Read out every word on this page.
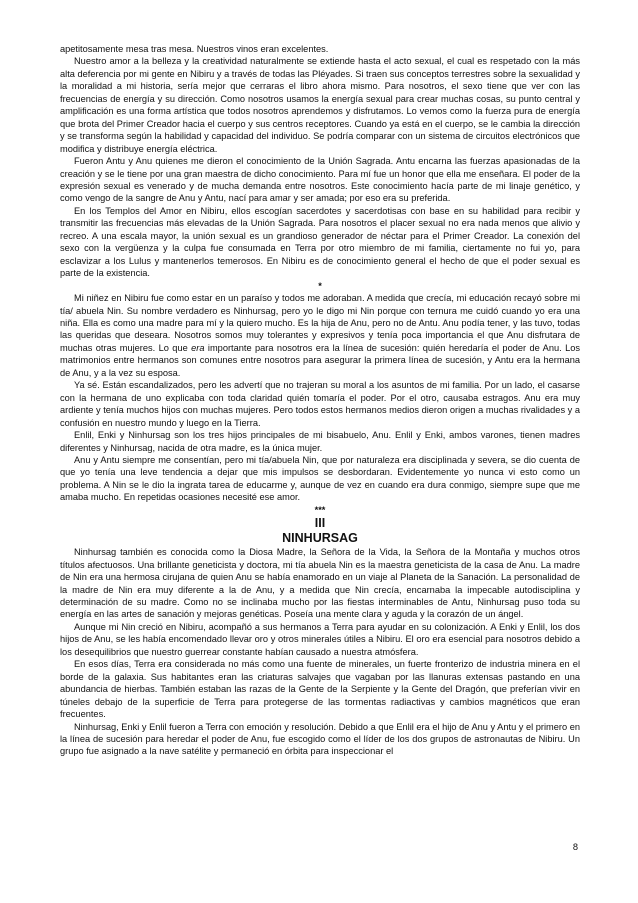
apetitosamente mesa tras mesa. Nuestros vinos eran excelentes.

Nuestro amor a la belleza y la creatividad naturalmente se extiende hasta el acto sexual, el cual es respetado con la más alta deferencia por mi gente en Nibiru y a través de todas las Pléyades. Si traen sus conceptos terrestres sobre la sexualidad y la moralidad a mi historia, sería mejor que cerraras el libro ahora mismo. Para nosotros, el sexo tiene que ver con las frecuencias de energía y su dirección. Como nosotros usamos la energía sexual para crear muchas cosas, su punto central y amplificación es una forma artística que todos nosotros aprendemos y disfrutamos. Lo vemos como la fuerza pura de energía que brota del Primer Creador hacia el cuerpo y sus centros receptores. Cuando ya está en el cuerpo, se le cambia la dirección y se transforma según la habilidad y capacidad del individuo. Se podría comparar con un sistema de circuitos electrónicos que modifica y distribuye energía eléctrica.

Fueron Antu y Anu quienes me dieron el conocimiento de la Unión Sagrada. Antu encarna las fuerzas apasionadas de la creación y se le tiene por una gran maestra de dicho conocimiento. Para mí fue un honor que ella me enseñara. El poder de la expresión sexual es venerado y de mucha demanda entre nosotros. Este conocimiento hacía parte de mi linaje genético, y como vengo de la sangre de Anu y Antu, nací para amar y ser amada; por eso era su preferida.

En los Templos del Amor en Nibiru, ellos escogían sacerdotes y sacerdotisas con base en su habilidad para recibir y transmitir las frecuencias más elevadas de la Unión Sagrada. Para nosotros el placer sexual no era nada menos que alivio y recreo. A una escala mayor, la unión sexual es un grandioso generador de néctar para el Primer Creador. La conexión del sexo con la vergüenza y la culpa fue consumada en Terra por otro miembro de mi familia, ciertamente no fui yo, para esclavizar a los Lulus y mantenerlos temerosos. En Nibiru es de conocimiento general el hecho de que el poder sexual es parte de la existencia.

*

Mi niñez en Nibiru fue como estar en un paraíso y todos me adoraban. A medida que crecía, mi educación recayó sobre mi tía/ abuela Nin. Su nombre verdadero es Ninhursag, pero yo le digo mi Nin porque con ternura me cuidó cuando yo era una niña. Ella es como una madre para mí y la quiero mucho. Es la hija de Anu, pero no de Antu. Anu podía tener, y las tuvo, todas las queridas que deseara. Nosotros somos muy tolerantes y expresivos y tenía poca importancia el que Anu disfrutara de muchas otras mujeres. Lo que era importante para nosotros era la línea de sucesión: quién heredaría el poder de Anu. Los matrimonios entre hermanos son comunes entre nosotros para asegurar la primera línea de sucesión, y Antu era la hermana de Anu, y a la vez su esposa.

Ya sé. Están escandalizados, pero les advertí que no trajeran su moral a los asuntos de mi familia. Por un lado, el casarse con la hermana de uno explicaba con toda claridad quién tomaría el poder. Por el otro, causaba estragos. Anu era muy ardiente y tenía muchos hijos con muchas mujeres. Pero todos estos hermanos medios dieron origen a muchas rivalidades y a confusión en nuestro mundo y luego en la Tierra.

Enlil, Enki y Ninhursag son los tres hijos principales de mi bisabuelo, Anu. Enlil y Enki, ambos varones, tienen madres diferentes y Ninhursag, nacida de otra madre, es la única mujer.

Anu y Antu siempre me consentían, pero mi tía/abuela Nin, que por naturaleza era disciplinada y severa, se dio cuenta de que yo tenía una leve tendencia a dejar que mis impulsos se desbordaran. Evidentemente yo nunca vi esto como un problema. A Nin se le dio la ingrata tarea de educarme y, aunque de vez en cuando era dura conmigo, siempre supe que me amaba mucho. En repetidas ocasiones necesité ese amor.

***

III

NINHURSAG

Ninhursag también es conocida como la Diosa Madre, la Señora de la Vida, la Señora de la Montaña y muchos otros títulos afectuosos. Una brillante geneticista y doctora, mi tía abuela Nin es la maestra geneticista de la casa de Anu. La madre de Nin era una hermosa cirujana de quien Anu se había enamorado en un viaje al Planeta de la Sanación. La personalidad de la madre de Nin era muy diferente a la de Anu, y a medida que Nin crecía, encarnaba la impecable autodisciplina y determinación de su madre. Como no se inclinaba mucho por las fiestas interminables de Antu, Ninhursag puso toda su energía en las artes de sanación y mejoras genéticas. Poseía una mente clara y aguda y la corazón de un ángel.

Aunque mi Nin creció en Nibiru, acompañó a sus hermanos a Terra para ayudar en su colonización. A Enki y Enlil, los dos hijos de Anu, se les había encomendado llevar oro y otros minerales útiles a Nibiru. El oro era esencial para nosotros debido a los desequilibrios que nuestro guerrear constante habían causado a nuestra atmósfera.

En esos días, Terra era considerada no más como una fuente de minerales, un fuerte fronterizo de industria minera en el borde de la galaxia. Sus habitantes eran las criaturas salvajes que vagaban por las llanuras extensas pastando en una abundancia de hierbas. También estaban las razas de la Gente de la Serpiente y la Gente del Dragón, que preferían vivir en túneles debajo de la superficie de Terra para protegerse de las tormentas radiactivas y cambios magnéticos que eran frecuentes.

Ninhursag, Enki y Enlil fueron a Terra con emoción y resolución. Debido a que Enlil era el hijo de Anu y Antu y el primero en la línea de sucesión para heredar el poder de Anu, fue escogido como el líder de los dos grupos de astronautas de Nibiru. Un grupo fue asignado a la nave satélite y permaneció en órbita para inspeccionar el

8
